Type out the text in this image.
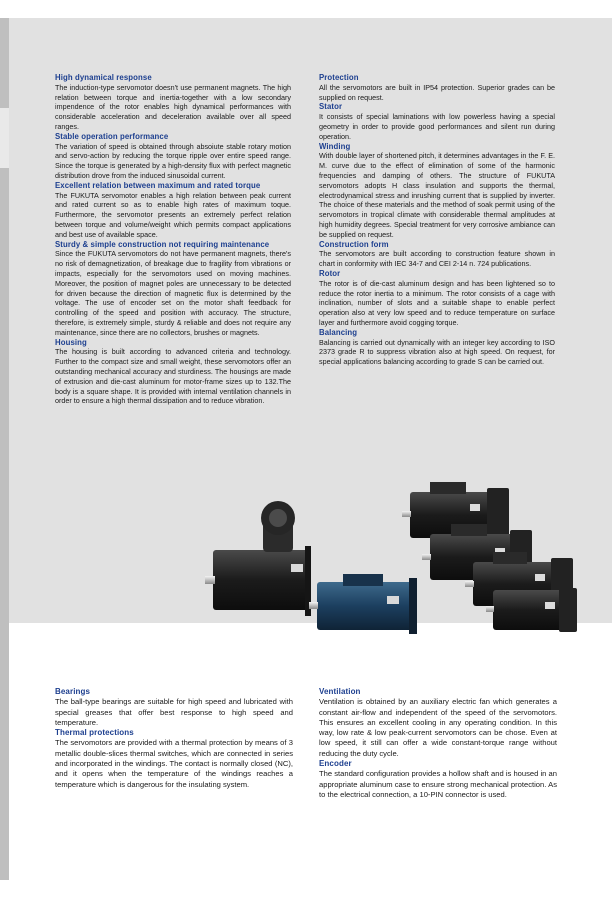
High dynamical response

The induction-type servomotor doesn't use permanent magnets. The high relation between torque and inertia-together with a low secondary impendence of the rotor enables high dynamical performances with considerable acceleration and deceleration available over all speed ranges.

Stable operation performance

The variation of speed is obtained through absoiute stable rotary motion and servo-action by reducing the torque ripple over entire speed range. Since the torque is generated by a high-density flux with perfect magnetic distribution drove from the induced sinusoidal current.

Excellent relation between maximum and rated torque

The FUKUTA servomotor enables a high relation between peak current and rated current so as to enable high rates of maximum toque. Furthermore, the servomotor presents an extremely perfect relation between torque and volume/weight which permits compact applications and best use of available space.

Sturdy & simple construction not requiring maintenance

Since the FUKUTA servomotors do not have permanent magnets, there's no risk of demagnetization, of breakage due to fragility from vibrations or impacts, especially for the servomotors used on moving machines. Moreover, the position of magnet poles are unnecessary to be detected for driven because the direction of magnetic flux is determined by the voltage. The use of encoder set on the motor shaft feedback for controlling of the speed and position with accuracy. The structure, therefore, is extremely simple, sturdy & reliable and does not require any maintenance, since there are no collectors, brushes or magnets.

Housing

The housing is built according to advanced criteria and technology. Further to the compact size and small weight, these servomotors offer an outstanding mechanical accuracy and sturdiness. The housings are made of extrusion and die-cast aluminum for motor-frame sizes up to 132.The body is a square shape. It is provided with internal ventilation channels in order to ensure a high thermal dissipation and to reduce vibration.

Protection

All the servomotors are built in IP54 protection. Superior grades can be supplied on request.

Stator

It consists of special laminations with low powerless having a special geometry in order to provide good performances and silent run during operation.

Winding

With double layer of shortened pitch, it determines advantages in the F. E. M. curve due to the effect of elimination of some of the harmonic frequencies and damping of others. The structure of FUKUTA servomotors adopts H class insulation and supports the thermal, electrodynamical stress and inrushing current that is supplied by inverter. The choice of these materials and the method of soak permit using of the servomotors in tropical climate with considerable thermal amplitudes at high humidity degrees. Special treatment for very corrosive ambiance can be supplied on request.

Construction form

The servomotors are built according to construction feature shown in chart in conformity with IEC 34-7 and CEI 2-14 n. 724 publications.

Rotor

The rotor is of die-cast aluminum design and has been lightened so to reduce the rotor inertia to a minimum. The rotor consists of a cage with inclination, number of slots and a suitable shape to enable perfect operation also at very low speed and to reduce temperature on surface layer and furthermore avoid cogging torque.

Balancing

Balancing is carried out dynamically with an integer key according to ISO 2373 grade R to suppress vibration also at high speed. On request, for special applications balancing according to grade S can be carried out.

Bearings

The ball-type bearings are suitable for high speed and lubricated with special greases that offer best response to high speed and temperature.

Thermal protections

The servomotors are provided with a thermal protection by means of 3 metallic double-slices thermal switches, which are connected in series and incorporated in the windings. The contact is normally closed (NC), and it opens when the temperature of the windings reaches a temperature which is dangerous for the insulating system.

Ventilation

Ventilation is obtained by an auxiliary electric fan which generates a constant air-flow and independent of the speed of the servomotors. This ensures an excellent cooling in any operating condition. In this way, low rate & low peak-current servomotors can be chose. Even at low speed, it still can offer a wide constant-torque range without reducing the duty cycle.

Encoder

The standard configuration provides a hollow shaft and is housed in an appropriate aluminum case to ensure strong mechanical protection. As to the electrical connection, a 10-PIN connector is used.
